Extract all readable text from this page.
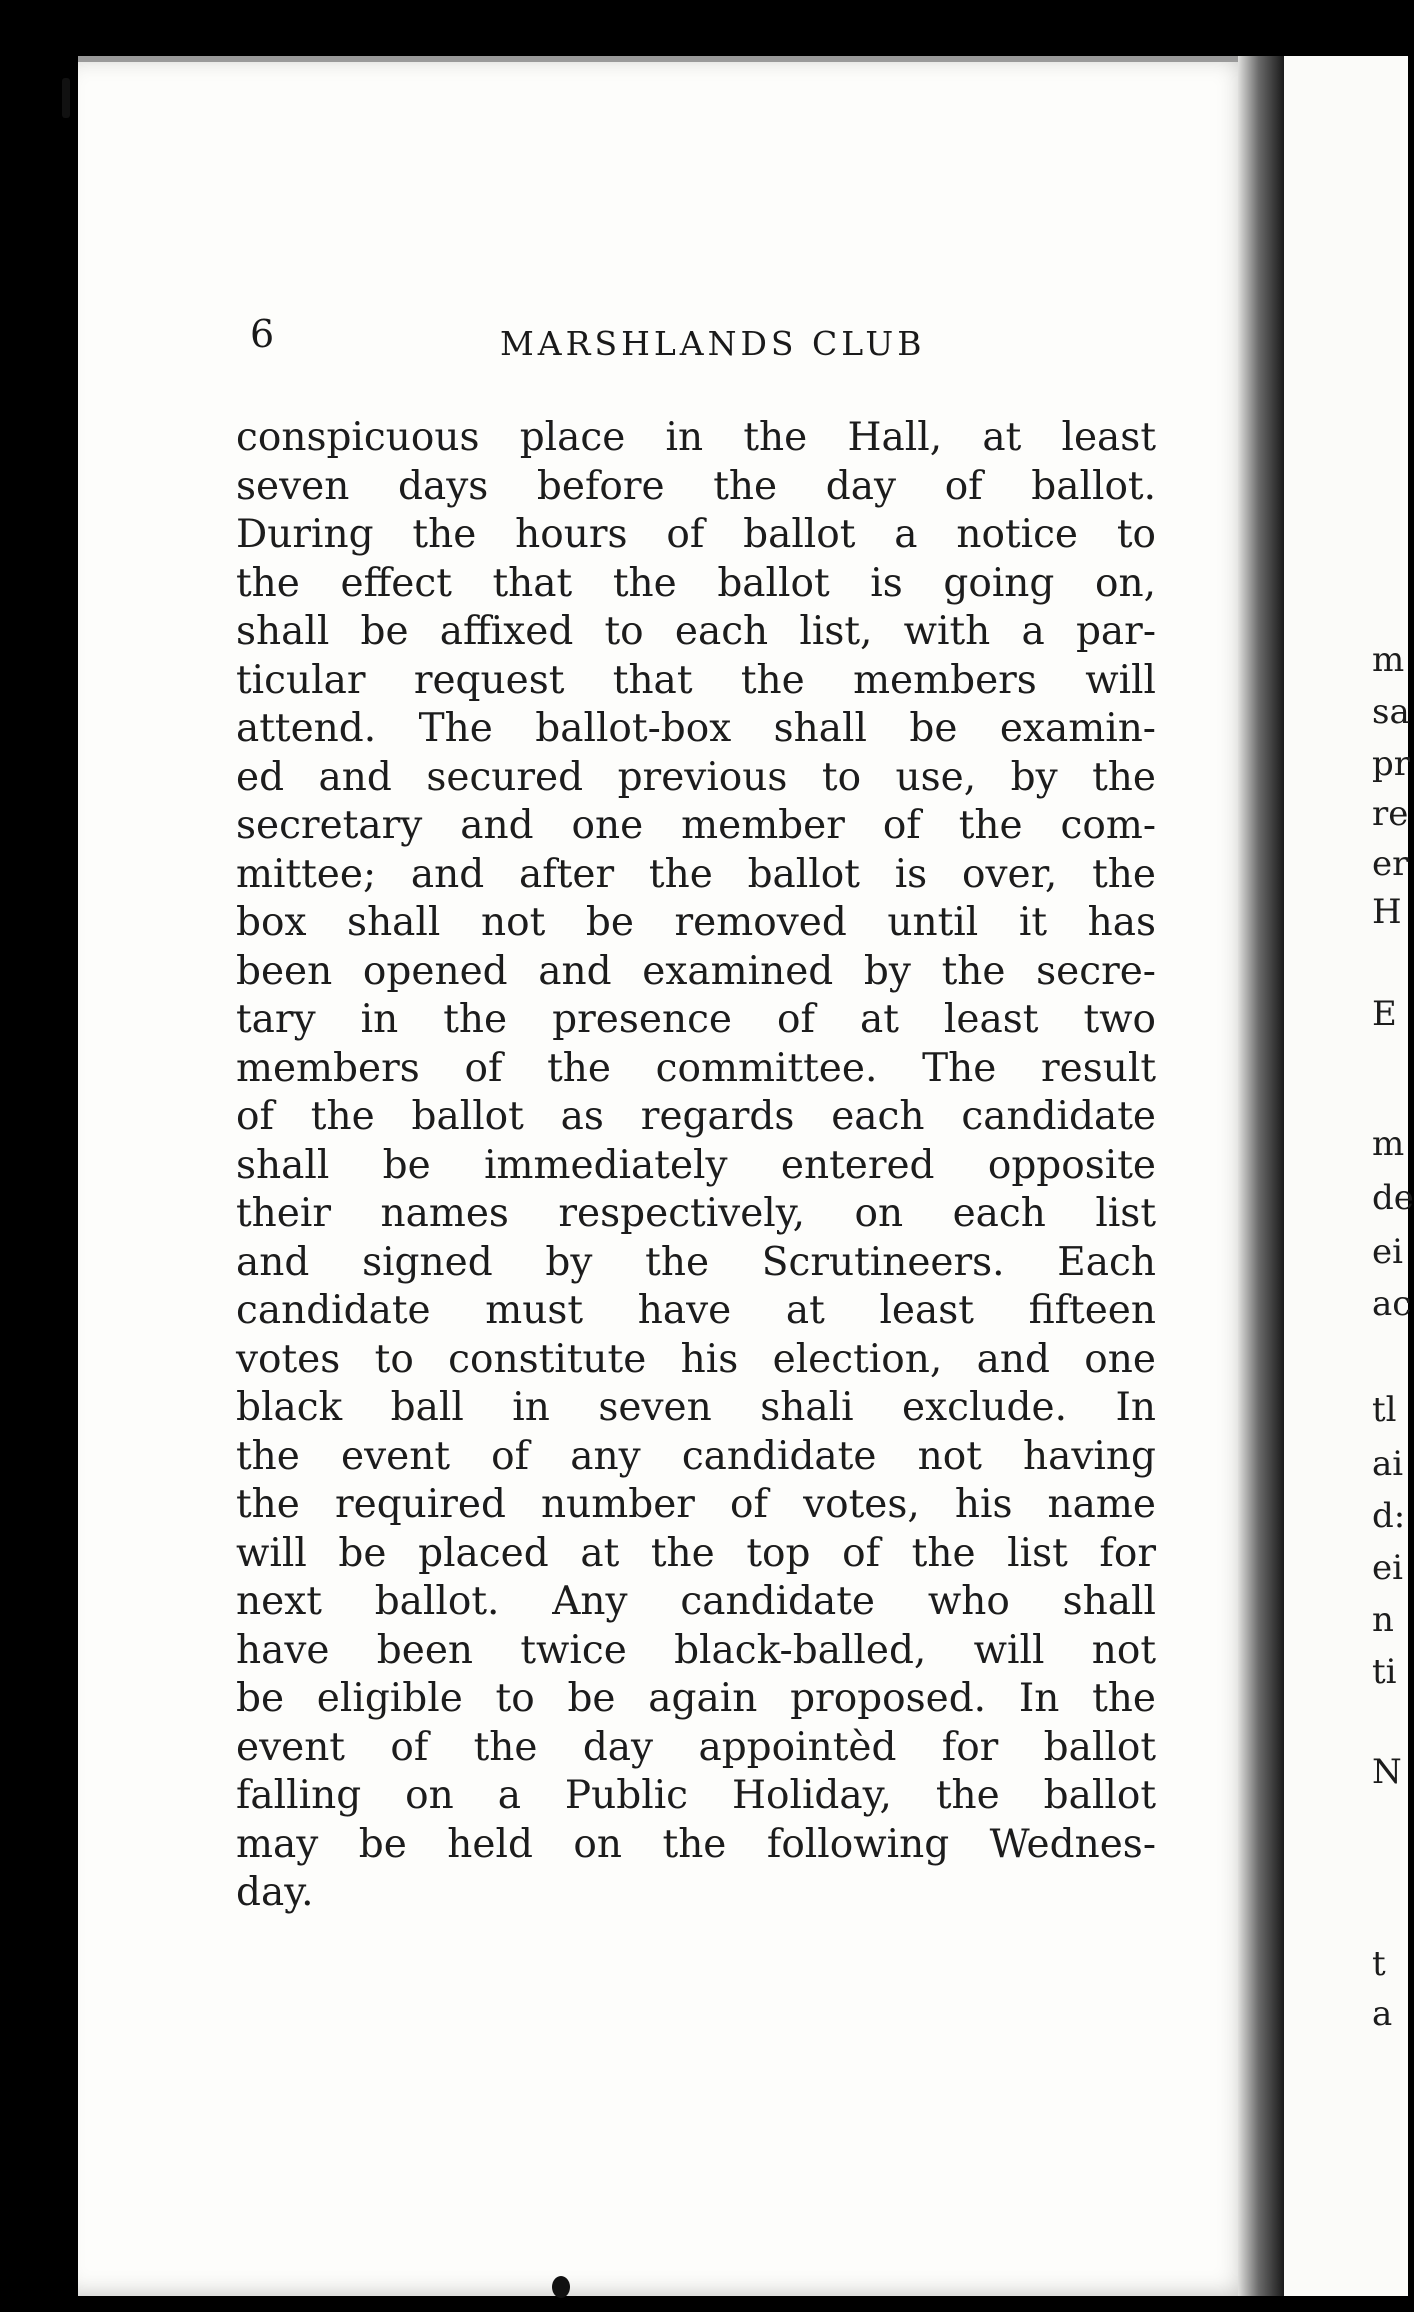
6	MARSHLANDS CLUB

conspicuous place in the Hall, at least
seven days before the day of ballot.
During the hours of ballot a notice to
the effect that the ballot is going on,
shall be affixed to each list, with a par-
ticular request that the members will
attend. The ballot-box shall be examin-
ed and secured previous to use, by the
secretary and one member of the com-
mittee; and after the ballot is over, the
box shall not be removed until it has
been opened and examined by the secre-
tary in the presence of at least two
members of the committee. The result
of the ballot as regards each candidate
shall be immediately entered opposite
their names respectively, on each list
and signed by the Scrutineers. Each
candidate must have at least fifteen
votes to constitute his election, and one
black ball in seven shali exclude. In
the event of any candidate not having
the required number of votes, his name
will be placed at the top of the list for
next ballot. Any candidate who shall
have been twice black-balled, will not
be eligible to be again proposed. In the
event of the day appointèd for ballot
falling on a Public Holiday, the ballot
may be held on the following Wednes-
day.
m
sa
pr
re
er
H
E
m
de
ei
ac
tl
ai
d:
ei
n
ti
N
t
a
